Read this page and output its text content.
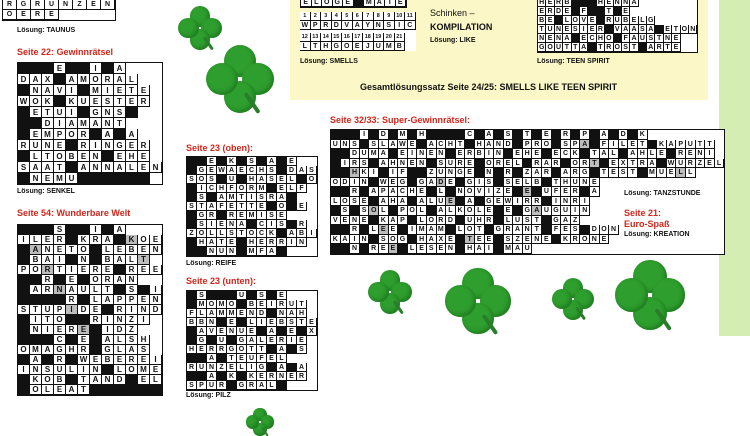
R	G	R	U	N	Z	E	N
O	E	R	E
Lösung: TAUNUS
Seite 22: Gewinnrätsel
E	I	A
D A X	A M O R A L
N A V	I	M I	E T E
W O K	K U E S T E R
E T U I	G N S
D I	A M A N T
E M P O R	A	A
R U N E	R I	N G E R
L T O B E N	E H E
S A A T	A N N A L E N
N E M U
Lösung: SENKEL
Seite 54: Wunderbare Welt
S	I	A
I	L E R	K R A	K O E
A N E T O	L E B E N
B A I	N	B A L T
P O R T	I	E R E	R E E
R	E	O R A N
A R N A U L T	S	I
R	L A P P E N
S T U P	I	D E	R I	N D
I	T O	R I	N Z	I
N I	E R E	I	D Z
C	E	A L S H
O M A G H R	G L A S
A	R	W E B E R E	I
I	N S U L	I	N	L O M E
K O B	T A N D	E L
O L E A T	Lösung: ABTEIL
Seite 23 (oben):
E	K	S	A	E
G E W A E C H S	D A S
S O S	U	H A S E L	O
I C H F O R M	E L F
S	A M T I S R A
S T A F E T T E	O	E
G R	R E M I S E
S I E N A	C I S	R
Z O L L S T O C K	A B I
H A T E	H E R R I N
N U N	M F A
Lösung: REIFE
Seite 23 (unten):
S	U	S	E
M O M O	B E I R U T
F L A M M E N D	N A H
B B N	E	L I E B S T E
A V E N U E	A	E	X
G	U	G A L E R I E
H E R R G O T T	A	S
A	T E U F E L
R U N Z E L I G	A	A
A	K	K E R N E R
S P U R	G R A L
Lösung: PILZ
Seite 32/33: Super-Gewinnrätsel:
I	D	M	H	C	A	S	T	E	R	P	A	D	K
U N S	S L A W E	A C H T	H A N D	P R O	S P A	F I L E T	K A P U T T
D U M A	E I N E N	E R B I N	E H E	E C K	T A L	A H L E	R E N I
I R S	A H N E N	S U R E	O R E L	R A R	O R T	E X T R A	W U R Z E L
H K I	I F	Z U N G E	N	R	Z A R	A R G	T E S T	M U E L L
O D I N	W E G	G A D E	G I S	S E L B	T H U N E
R	A P A C H E	L	N O V I Z E	E	U F E R	A
L O S E	A H A	A L U E	A	G E W I R R	I N R I
S	S O L	P O L	A L K O L E	E	G A U G U I N
V E N E	K A P	L O R D	U H R	L U S T	G A Z
R	L E E	I M A M	L O T	G R A N T	F E S	D O N
K A I N	S O G	H A X E	T E E	S Z E N E	K R O N E
N	R E E	L E S E N	H A I	M A U
Lösung: TANZSTUNDE
Seite 21:
Euro-Spaß
Lösung: KREATION
E L O G E	M A T E
1	2	3	4	5	6	7	8	9	10 11
W P R D V A Y N S	I	C
12 13 14 15 16 17 18 19 20 21
L T H G O E J U M B
Lösung: SMELLS
Schinken –
KOMPILATION
Lösung: LIKE
H E R B	H E N N A
E R D E	F	T	E
B E	L O V E	R U B E L G
T U N E S I E R	V A A S A	E T O N
N E N A	E C H O F A U S T N E
G O U T T A	T R O S T	A R T E
Lösung: TEEN SPIRIT
Gesamtlösungssatz Seite 24/25: SMELLS LIKE TEEN SPIRIT
